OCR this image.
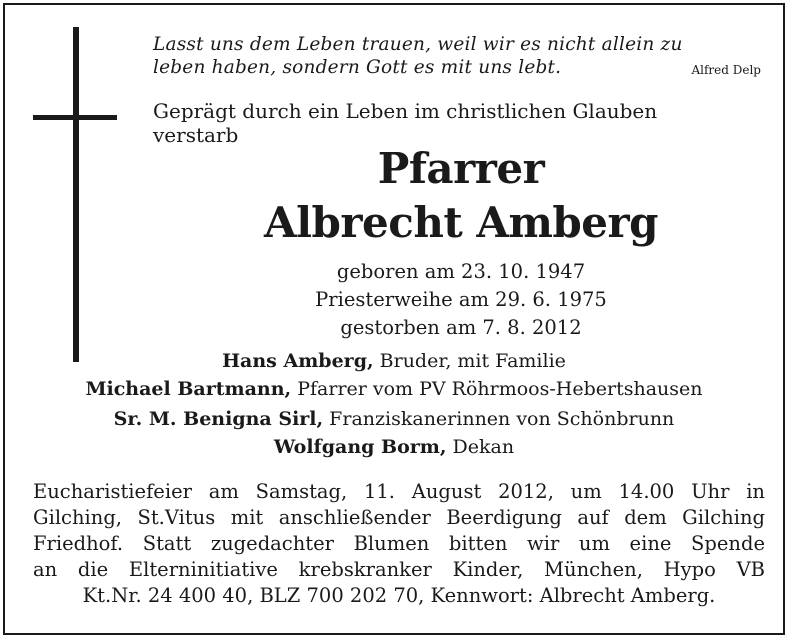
Lasst uns dem Leben trauen, weil wir es nicht allein zu
leben haben, sondern Gott es mit uns lebt.	Alfred Delp
Geprägt durch ein Leben im christlichen Glauben
verstarb
Pfarrer
Albrecht Amberg
geboren am 23. 10. 1947
Priesterweihe am 29. 6. 1975
gestorben am 7. 8. 2012
Hans Amberg, Bruder, mit Familie
Michael Bartmann, Pfarrer vom PV Röhrmoos-Hebertshausen
Sr. M. Benigna Sirl, Franziskanerinnen von Schönbrunn
Wolfgang Borm, Dekan
Eucharistiefeier am Samstag, 11. August 2012, um 14.00 Uhr in
Gilching, St.Vitus mit anschließender Beerdigung auf dem Gilching
Friedhof. Statt zugedachter Blumen bitten wir um eine Spende
an die Elterninitiative krebskranker Kinder, München, Hypo VB
Kt.Nr. 24 400 40, BLZ 700 202 70, Kennwort: Albrecht Amberg.
